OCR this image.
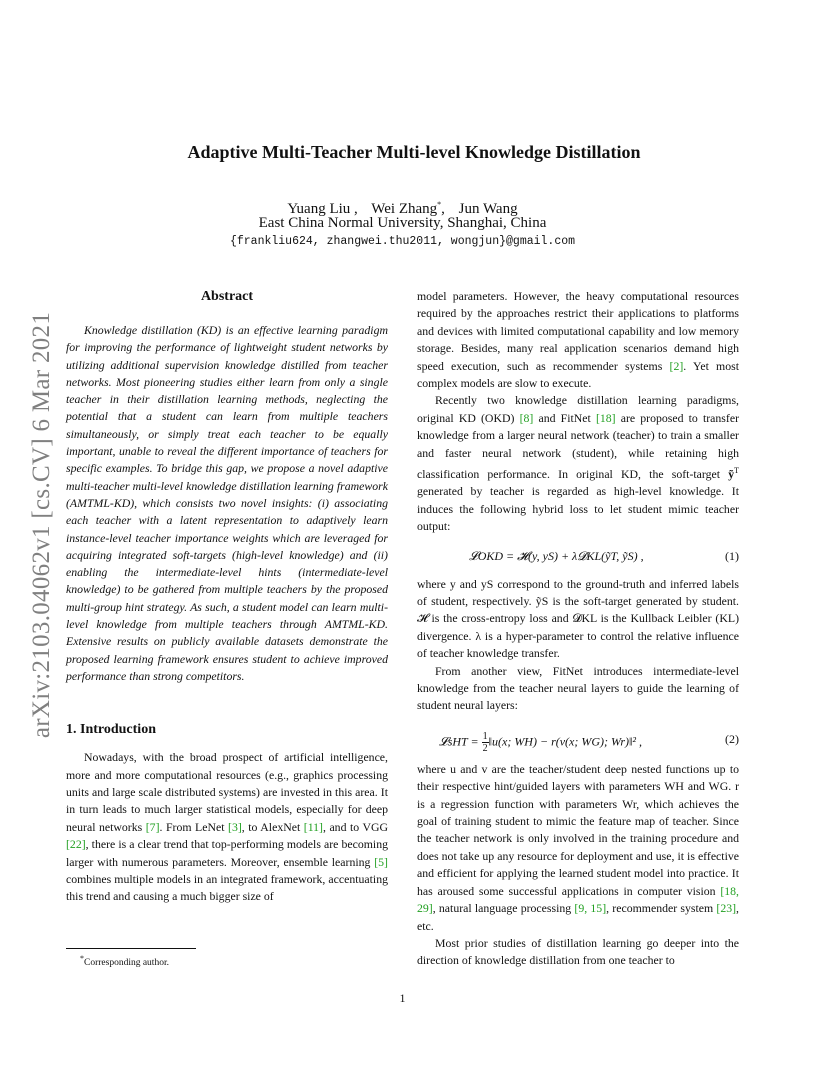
arXiv:2103.04062v1 [cs.CV] 6 Mar 2021
Adaptive Multi-Teacher Multi-level Knowledge Distillation
Yuang Liu , Wei Zhang*, Jun Wang
East China Normal University, Shanghai, China
{frankliu624, zhangwei.thu2011, wongjun}@gmail.com
Abstract

Knowledge distillation (KD) is an effective learning paradigm for improving the performance of lightweight student networks by utilizing additional supervision knowledge distilled from teacher networks. Most pioneering studies either learn from only a single teacher in their distillation learning methods, neglecting the potential that a student can learn from multiple teachers simultaneously, or simply treat each teacher to be equally important, unable to reveal the different importance of teachers for specific examples. To bridge this gap, we propose a novel adaptive multi-teacher multi-level knowledge distillation learning framework (AMTML-KD), which consists two novel insights: (i) associating each teacher with a latent representation to adaptively learn instance-level teacher importance weights which are leveraged for acquiring integrated soft-targets (high-level knowledge) and (ii) enabling the intermediate-level hints (intermediate-level knowledge) to be gathered from multiple teachers by the proposed multi-group hint strategy. As such, a student model can learn multi-level knowledge from multiple teachers through AMTML-KD. Extensive results on publicly available datasets demonstrate the proposed learning framework ensures student to achieve improved performance than strong competitors.

1. Introduction

Nowadays, with the broad prospect of artificial intelligence, more and more computational resources (e.g., graphics processing units and large scale distributed systems) are invested in this area. It in turn leads to much larger statistical models, especially for deep neural networks [7]. From LeNet [3], to AlexNet [11], and to VGG [22], there is a clear trend that top-performing models are becoming larger with numerous parameters. Moreover, ensemble learning [5] combines multiple models in an integrated framework, accentuating this trend and causing a much bigger size of

model parameters. However, the heavy computational resources required by the approaches restrict their applications to platforms and devices with limited computational capability and low memory storage. Besides, many real application scenarios demand high speed execution, such as recommender systems [2]. Yet most complex models are slow to execute.

Recently two knowledge distillation learning paradigms, original KD (OKD) [8] and FitNet [18] are proposed to transfer knowledge from a larger neural network (teacher) to train a smaller and faster neural network (student), while retaining high classification performance. In original KD, the soft-target ỹ$^T$ generated by teacher is regarded as high-level knowledge. It induces the following hybrid loss to let student mimic teacher output:

𝓛OKD = 𝓗(y, yS) + λ𝓓KL(ỹT, ỹS) ,	(1)

where y and yS correspond to the ground-truth and inferred labels of student, respectively. ỹS is the soft-target generated by student. 𝓗 is the cross-entropy loss and 𝓓KL is the Kullback Leibler (KL) divergence. λ is a hyper-parameter to control the relative influence of teacher knowledge transfer.

From another view, FitNet introduces intermediate-level knowledge from the teacher neural layers to guide the learning of student neural layers:

𝓛sHT = $\frac{1}{2}$ ‖u(x; WH) − r(v(x; WG); Wr)‖² ,	(2)

where u and v are the teacher/student deep nested functions up to their respective hint/guided layers with parameters WH and WG. r is a regression function with parameters Wr, which achieves the goal of training student to mimic the feature map of teacher. Since the teacher network is only involved in the training procedure and does not take up any resource for deployment and use, it is effective and efficient for applying the learned student model into practice. It has aroused some successful applications in computer vision [18, 29], natural language processing [9, 15], recommender system [23], etc.

Most prior studies of distillation learning go deeper into the direction of knowledge distillation from one teacher to

*Corresponding author.
1
